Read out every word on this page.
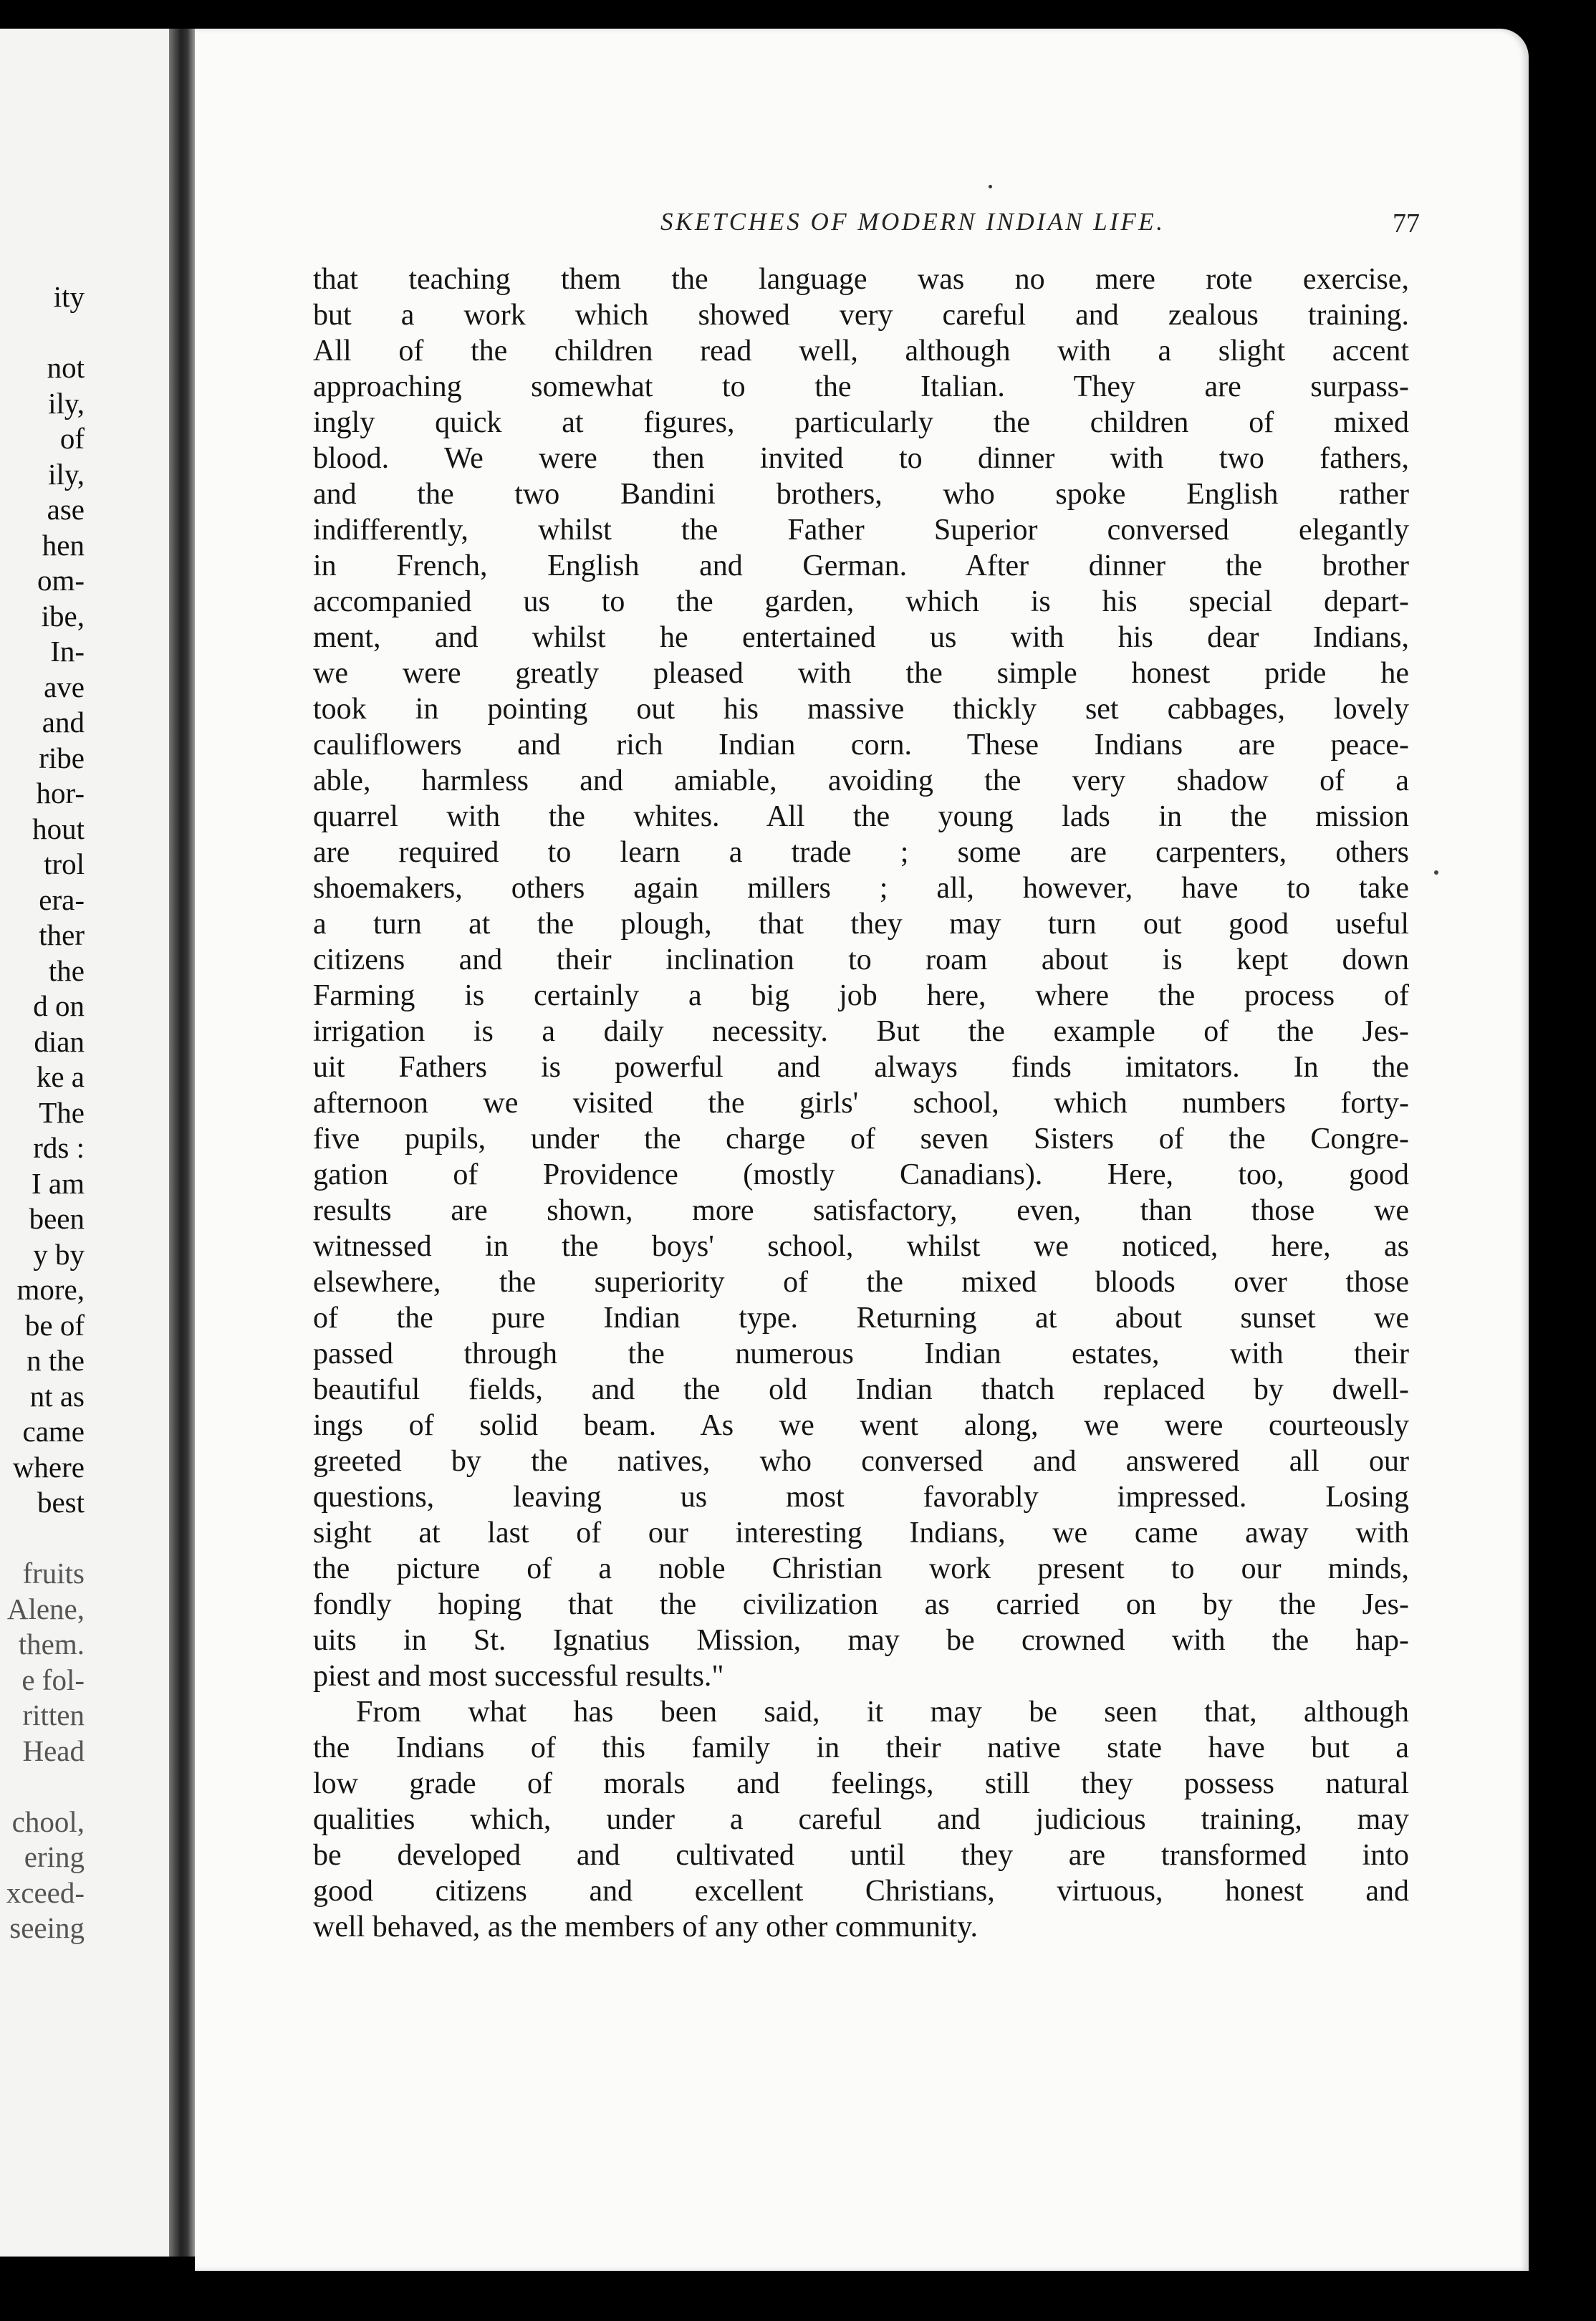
ity
not
ily,
of
ily,
ase
hen
om-
ibe,
In-
ave
and
ribe
hor-
hout
trol
era-
ther
the
d on
dian
ke a
The
rds :
I am
been
y by
more,
be of
n the
nt as
came
where
best
fruits
Alene,
them.
e fol-
ritten
Head
chool,
ering
xceed-
seeing
SKETCHES OF MODERN INDIAN LIFE.	77

that teaching them the language was no mere rote exercise,
but a work which showed very careful and zealous training.
All of the children read well, although with a slight accent
approaching somewhat to the Italian. They are surpass-
ingly quick at figures, particularly the children of mixed
blood. We were then invited to dinner with two fathers,
and the two Bandini brothers, who spoke English rather
indifferently, whilst the Father Superior conversed elegantly
in French, English and German. After dinner the brother
accompanied us to the garden, which is his special depart-
ment, and whilst he entertained us with his dear Indians,
we were greatly pleased with the simple honest pride he
took in pointing out his massive thickly set cabbages, lovely
cauliflowers and rich Indian corn. These Indians are peace-
able, harmless and amiable, avoiding the very shadow of a
quarrel with the whites. All the young lads in the mission
are required to learn a trade ; some are carpenters, others
shoemakers, others again millers ; all, however, have to take
a turn at the plough, that they may turn out good useful
citizens and their inclination to roam about is kept down
Farming is certainly a big job here, where the process of
irrigation is a daily necessity. But the example of the Jes-
uit Fathers is powerful and always finds imitators. In the
afternoon we visited the girls' school, which numbers forty-
five pupils, under the charge of seven Sisters of the Congre-
gation of Providence (mostly Canadians). Here, too, good
results are shown, more satisfactory, even, than those we
witnessed in the boys' school, whilst we noticed, here, as
elsewhere, the superiority of the mixed bloods over those
of the pure Indian type. Returning at about sunset we
passed through the numerous Indian estates, with their
beautiful fields, and the old Indian thatch replaced by dwell-
ings of solid beam. As we went along, we were courteously
greeted by the natives, who conversed and answered all our
questions, leaving us most favorably impressed. Losing
sight at last of our interesting Indians, we came away with
the picture of a noble Christian work present to our minds,
fondly hoping that the civilization as carried on by the Jes-
uits in St. Ignatius Mission, may be crowned with the hap-
piest and most successful results."

From what has been said, it may be seen that, although
the Indians of this family in their native state have but a
low grade of morals and feelings, still they possess natural
qualities which, under a careful and judicious training, may
be developed and cultivated until they are transformed into
good citizens and excellent Christians, virtuous, honest and
well behaved, as the members of any other community.
